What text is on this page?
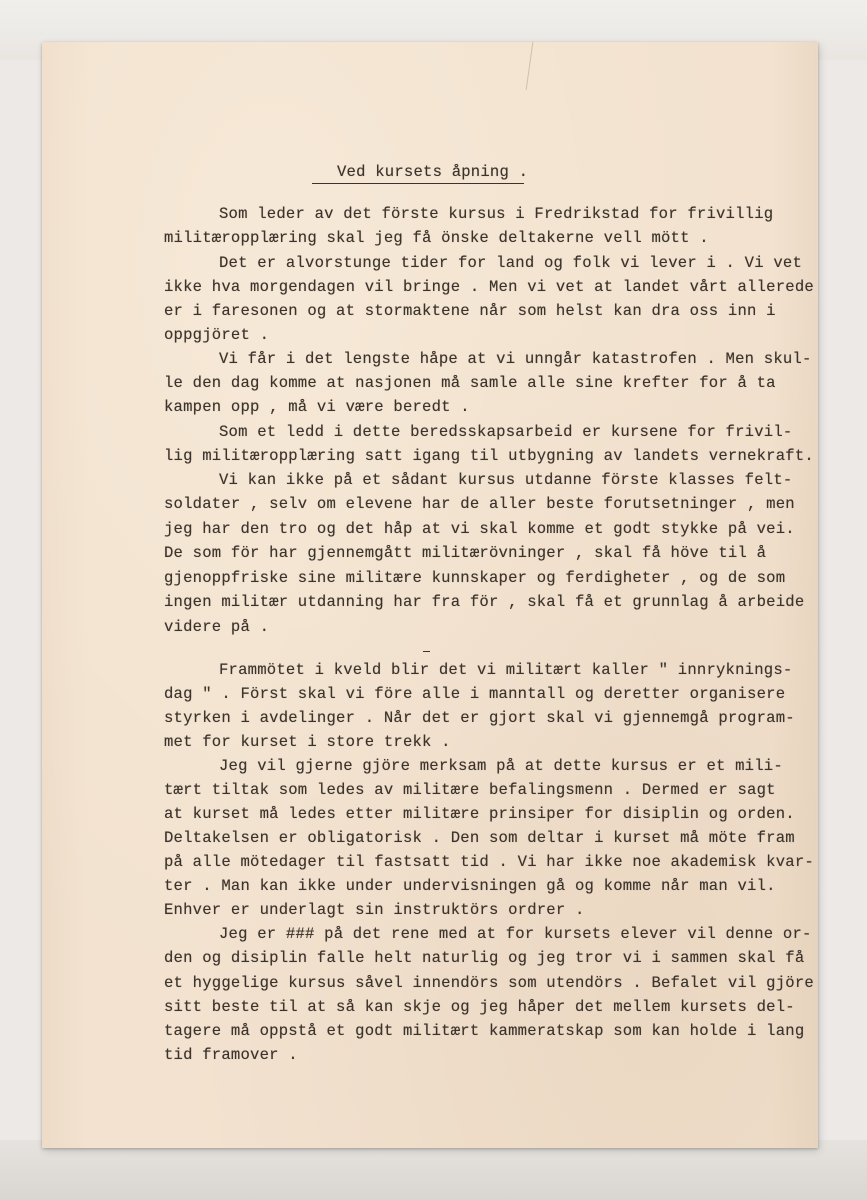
Ved kursets åpning .
Som leder av det förste kursus i Fredrikstad for frivillig
militæropplæring skal jeg få önske deltakerne vell mött .
Det er alvorstunge tider for land og folk vi lever i . Vi vet
ikke hva morgendagen vil bringe . Men vi vet at landet vårt allerede
er i faresonen og at stormaktene når som helst kan dra oss inn i
oppgjöret .
Vi får i det lengste håpe at vi unngår katastrofen . Men skul-
le den dag komme at nasjonen må samle alle sine krefter for å ta
kampen opp , må vi være beredt .
Som et ledd i dette beredsskapsarbeid er kursene for frivil-
lig militæropplæring satt igang til utbygning av landets vernekraft.
Vi kan ikke på et sådant kursus utdanne förste klasses felt-
soldater , selv om elevene har de aller beste forutsetninger , men
jeg har den tro og det håp at vi skal komme et godt stykke på vei.
De som för har gjennemgått militærövninger , skal få höve til å
gjenoppfriske sine militære kunnskaper og ferdigheter , og de som
ingen militær utdanning har fra för , skal få et grunnlag å arbeide
videre på .
Frammötet i kveld blir det vi militært kaller " innryknings-
dag " . Först skal vi före alle i manntall og deretter organisere
styrken i avdelinger . Når det er gjort skal vi gjennemgå program-
met for kurset i store trekk .
Jeg vil gjerne gjöre merksam på at dette kursus er et mili-
tært tiltak som ledes av militære befalingsmenn . Dermed er sagt
at kurset må ledes etter militære prinsiper for disiplin og orden.
Deltakelsen er obligatorisk . Den som deltar i kurset må möte fram
på alle mötedager til fastsatt tid . Vi har ikke noe akademisk kvar-
ter . Man kan ikke under undervisningen gå og komme når man vil.
Enhver er underlagt sin instruktörs ordrer .
Jeg er ### på det rene med at for kursets elever vil denne or-
den og disiplin falle helt naturlig og jeg tror vi i sammen skal få
et hyggelige kursus såvel innendörs som utendörs . Befalet vil gjöre
sitt beste til at så kan skje og jeg håper det mellem kursets del-
tagere må oppstå et godt militært kammeratskap som kan holde i lang
tid framover .
